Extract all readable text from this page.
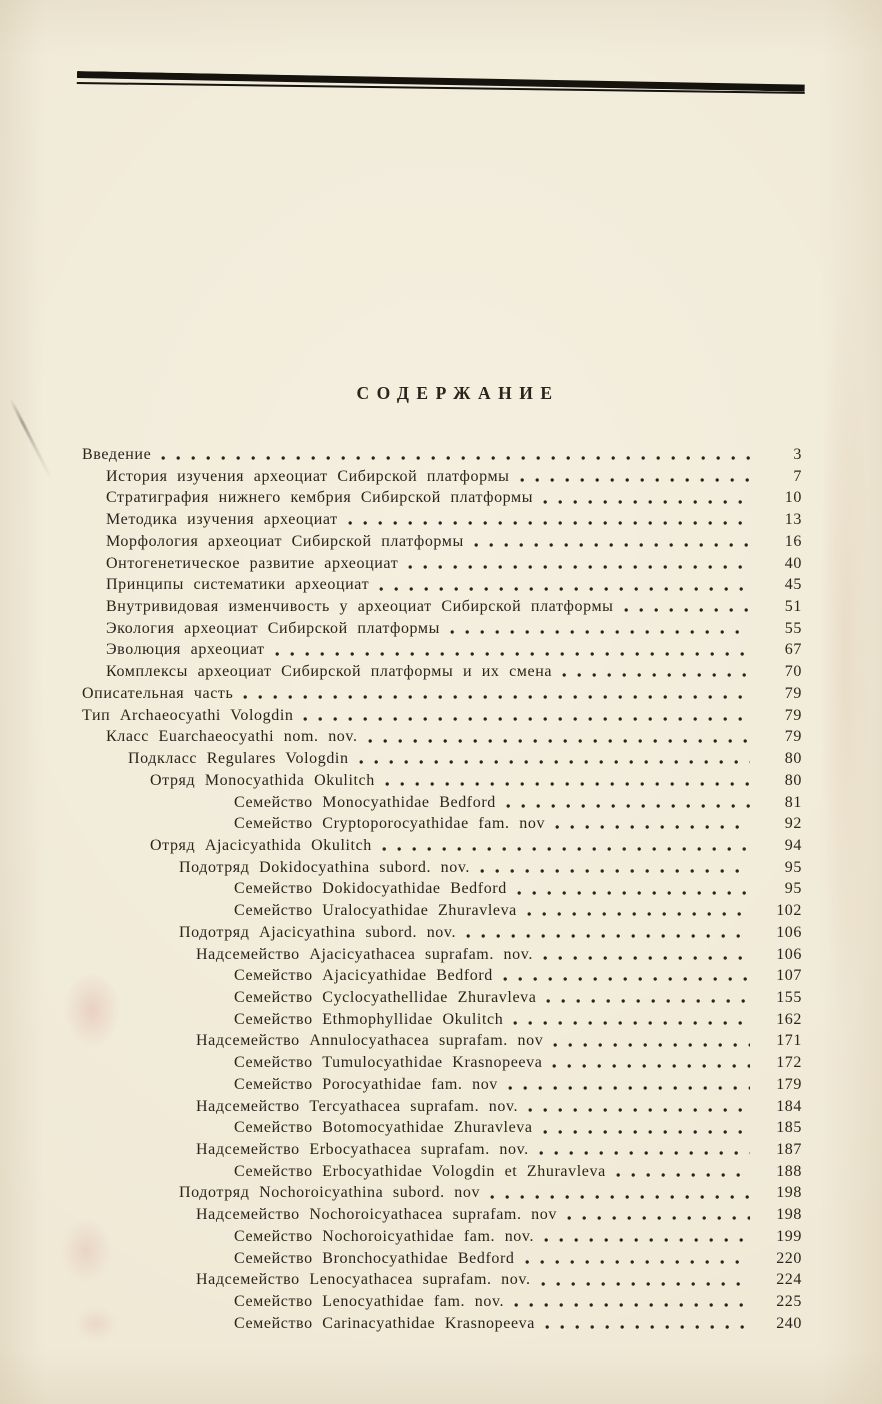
СОДЕРЖАНИЕ
Введение	3
История изучения археоциат Сибирской платформы	7
Стратиграфия нижнего кембрия Сибирской платформы	10
Методика изучения археоциат	13
Морфология археоциат Сибирской платформы	16
Онтогенетическое развитие археоциат	40
Принципы систематики археоциат	45
Внутривидовая изменчивость у археоциат Сибирской платформы	51
Экология археоциат Сибирской платформы	55
Эволюция археоциат	67
Комплексы археоциат Сибирской платформы и их смена	70
Описательная часть	79
Тип Archaeocyathi Vologdin	79
Класс Euarchaeocyathi nom. nov.	79
Подкласс Regulares Vologdin	80
Отряд Monocyathida Okulitch	80
Семейство Monocyathidae Bedford	81
Семейство Cryptoporocyathidae fam. nov	92
Отряд Ajacicyathida Okulitch	94
Подотряд Dokidocyathina subord. nov.	95
Семейство Dokidocyathidae Bedford	95
Семейство Uralocyathidae Zhuravleva	102
Подотряд Ajacicyathina subord. nov.	106
Надсемейство Ajacicyathacea suprafam. nov.	106
Семейство Ajacicyathidae Bedford	107
Семейство Cyclocyathellidae Zhuravleva	155
Семейство Ethmophyllidae Okulitch	162
Надсемейство Annulocyathacea suprafam. nov	171
Семейство Tumulocyathidae Krasnopeeva	172
Семейство Porocyathidae fam. nov	179
Надсемейство Tercyathacea suprafam. nov.	184
Семейство Botomocyathidae Zhuravleva	185
Надсемейство Erbocyathacea suprafam. nov.	187
Семейство Erbocyathidae Vologdin et Zhuravleva	188
Подотряд Nochoroicyathina subord. nov	198
Надсемейство Nochoroicyathacea suprafam. nov	198
Семейство Nochoroicyathidae fam. nov.	199
Семейство Bronchocyathidae Bedford	220
Надсемейство Lenocyathacea suprafam. nov.	224
Семейство Lenocyathidae fam. nov.	225
Семейство Carinacyathidae Krasnopeeva	240
